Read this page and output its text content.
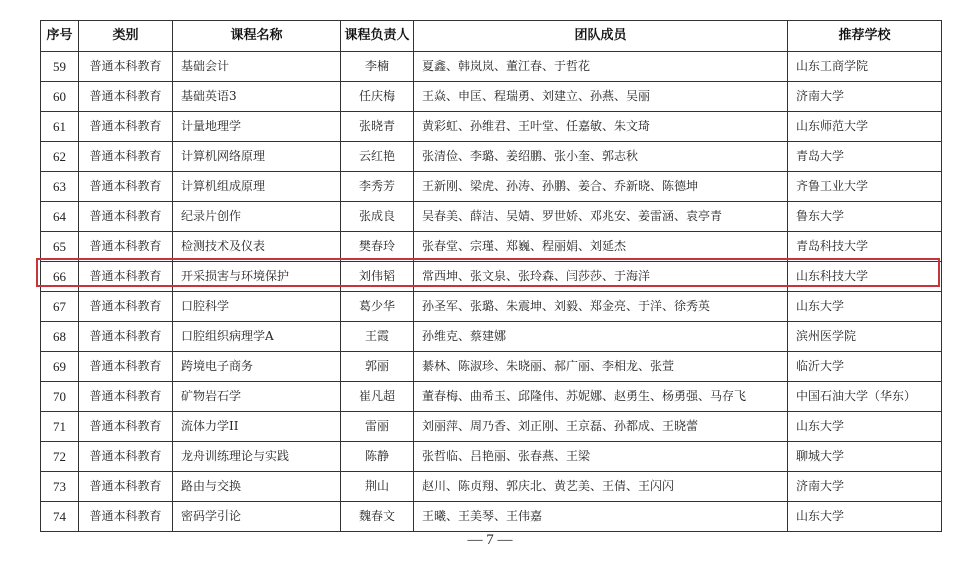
序号	类别	课程名称	课程负责人	团队成员	推荐学校
59	普通本科教育	基础会计	李楠	夏鑫、韩岚岚、董江春、于哲花	山东工商学院
60	普通本科教育	基础英语3	任庆梅	王焱、申匡、程瑞勇、刘建立、孙燕、吴丽	济南大学
61	普通本科教育	计量地理学	张晓青	黄彩虹、孙维君、王叶堂、任嘉敏、朱文琦	山东师范大学
62	普通本科教育	计算机网络原理	云红艳	张清俭、李璐、姜绍鹏、张小奎、郭志秋	青岛大学
63	普通本科教育	计算机组成原理	李秀芳	王新刚、梁虎、孙涛、孙鹏、姜合、乔新晓、陈德坤	齐鲁工业大学
64	普通本科教育	纪录片创作	张成良	吴春美、薛洁、吴婧、罗世娇、邓兆安、姜雷涵、袁亭青	鲁东大学
65	普通本科教育	检测技术及仪表	樊春玲	张春堂、宗瑾、郑巍、程丽娟、刘延杰	青岛科技大学
66	普通本科教育	开采损害与环境保护	刘伟韬	常西坤、张文泉、张玲森、闫莎莎、于海洋	山东科技大学
67	普通本科教育	口腔科学	葛少华	孙圣军、张璐、朱震坤、刘毅、郑金亮、于洋、徐秀英	山东大学
68	普通本科教育	口腔组织病理学A	王霞	孙维克、蔡建娜	滨州医学院
69	普通本科教育	跨境电子商务	郭丽	綦林、陈淑珍、朱晓丽、郝广丽、李相龙、张萱	临沂大学
70	普通本科教育	矿物岩石学	崔凡超	董春梅、曲希玉、邱隆伟、苏妮娜、赵勇生、杨勇强、马存飞	中国石油大学（华东）
71	普通本科教育	流体力学II	雷丽	刘丽萍、周乃香、刘正刚、王京磊、孙都成、王晓蕾	山东大学
72	普通本科教育	龙舟训练理论与实践	陈静	张哲临、吕艳丽、张春燕、王梁	聊城大学
73	普通本科教育	路由与交换	荆山	赵川、陈贞翔、郭庆北、黄艺美、王倩、王闪闪	济南大学
74	普通本科教育	密码学引论	魏春文	王曦、王美琴、王伟嘉	山东大学
— 7 —
